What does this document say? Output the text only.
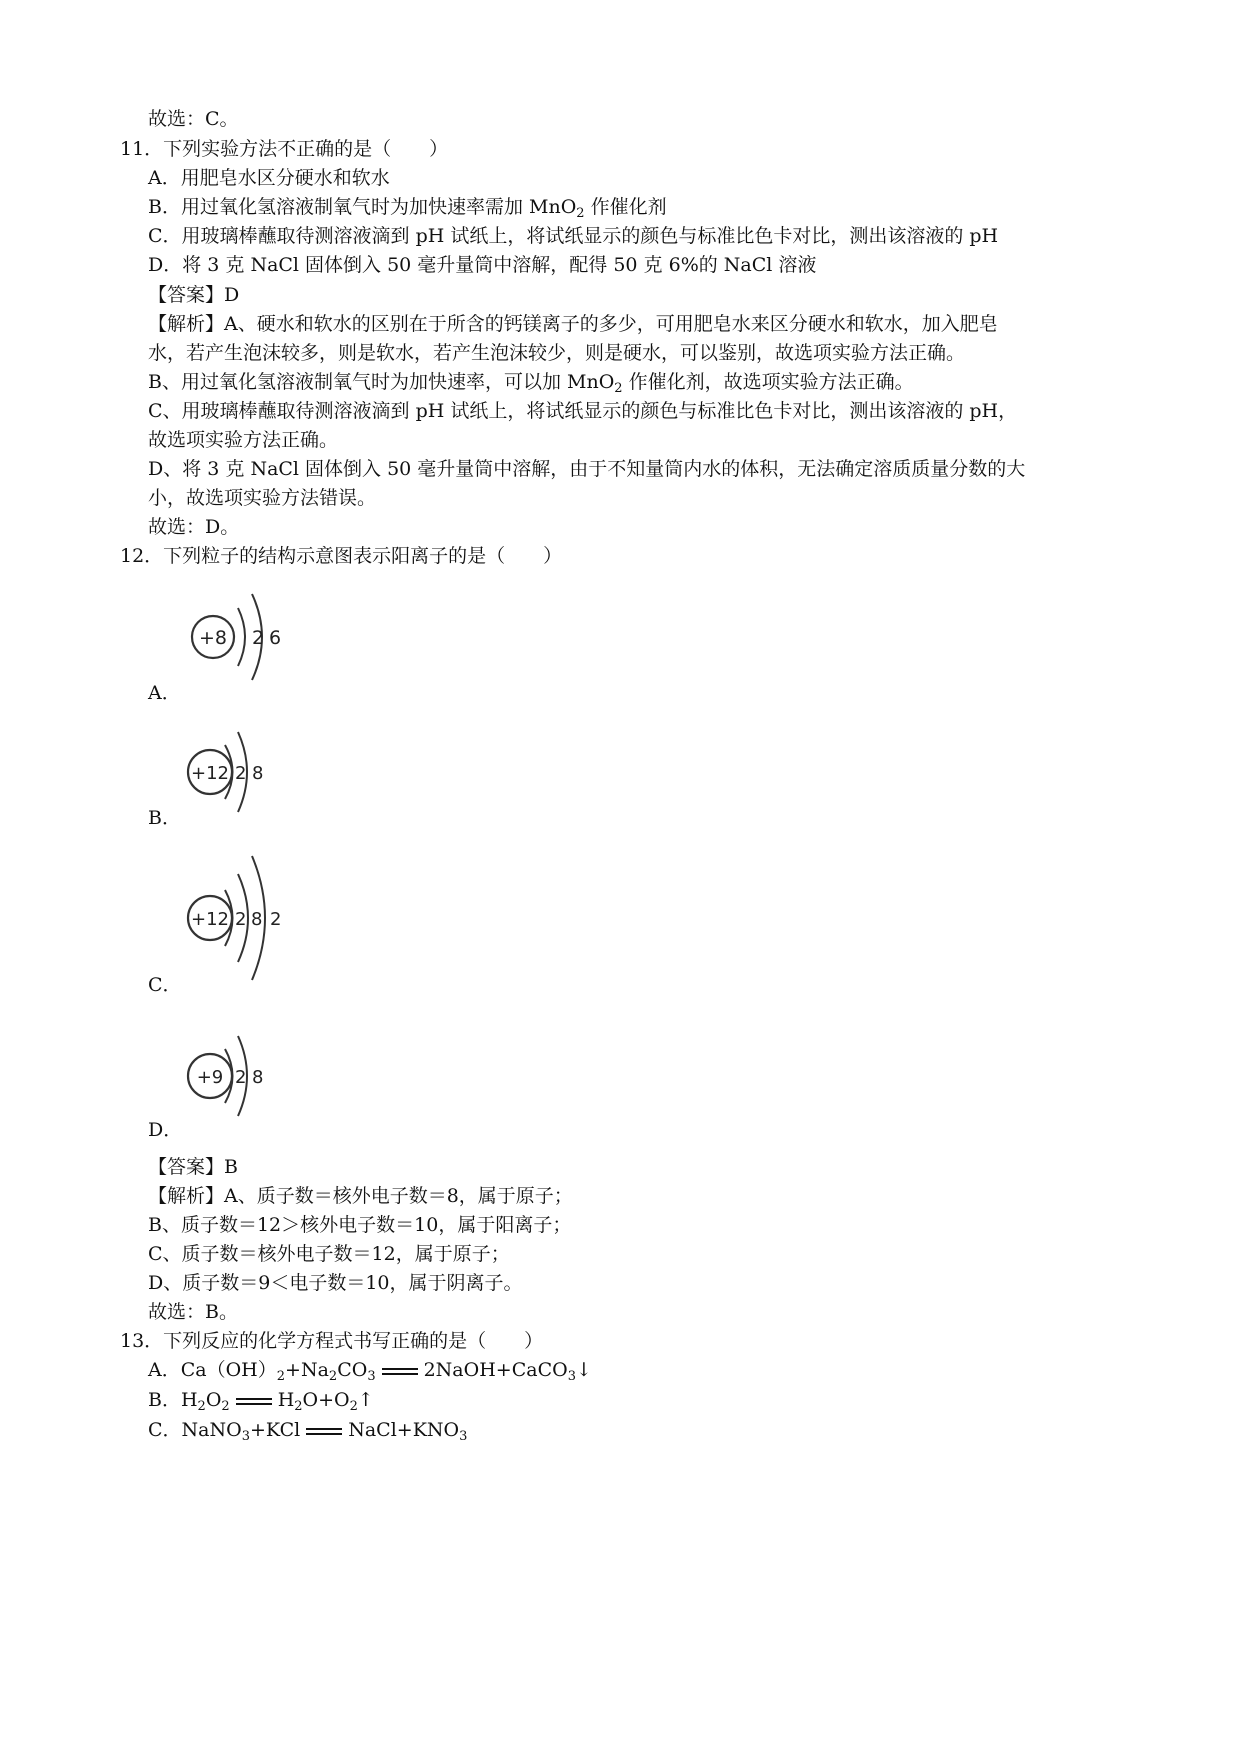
故选：C。
11．下列实验方法不正确的是（　　）
A．用肥皂水区分硬水和软水
B．用过氧化氢溶液制氧气时为加快速率需加 MnO$_2$ 作催化剂
C．用玻璃棒蘸取待测溶液滴到 pH 试纸上，将试纸显示的颜色与标准比色卡对比，测出该溶液的 pH
D．将 3 克 NaCl 固体倒入 50 毫升量筒中溶解，配得 50 克 6%的 NaCl 溶液
【答案】D
【解析】A、硬水和软水的区别在于所含的钙镁离子的多少，可用肥皂水来区分硬水和软水，加入肥皂
水，若产生泡沫较多，则是软水，若产生泡沫较少，则是硬水，可以鉴别，故选项实验方法正确。
B、用过氧化氢溶液制氧气时为加快速率，可以加 MnO$_2$ 作催化剂，故选项实验方法正确。
C、用玻璃棒蘸取待测溶液滴到 pH 试纸上，将试纸显示的颜色与标准比色卡对比，测出该溶液的 pH，
故选项实验方法正确。
D、将 3 克 NaCl 固体倒入 50 毫升量筒中溶解，由于不知量筒内水的体积，无法确定溶质质量分数的大
小，故选项实验方法错误。
故选：D。
12．下列粒子的结构示意图表示阳离子的是（　　）
+8 2 6
A．
+12 2 8
B．
+12 2 8 2
C．
+9 2 8
D．
【答案】B
【解析】A、质子数＝核外电子数＝8，属于原子；
B、质子数＝12＞核外电子数＝10，属于阳离子；
C、质子数＝核外电子数＝12，属于原子；
D、质子数＝9＜电子数＝10，属于阴离子。
故选：B。
13．下列反应的化学方程式书写正确的是（　　）
A．$Ca(OH)_2+Na_2CO_3$	2NaOH+CaCO$_3$↓
B．$H_2O_2$	$H_2O+O_2↑$
C．NaNO$_3$+KCl	$NaCl+KNO_3$
